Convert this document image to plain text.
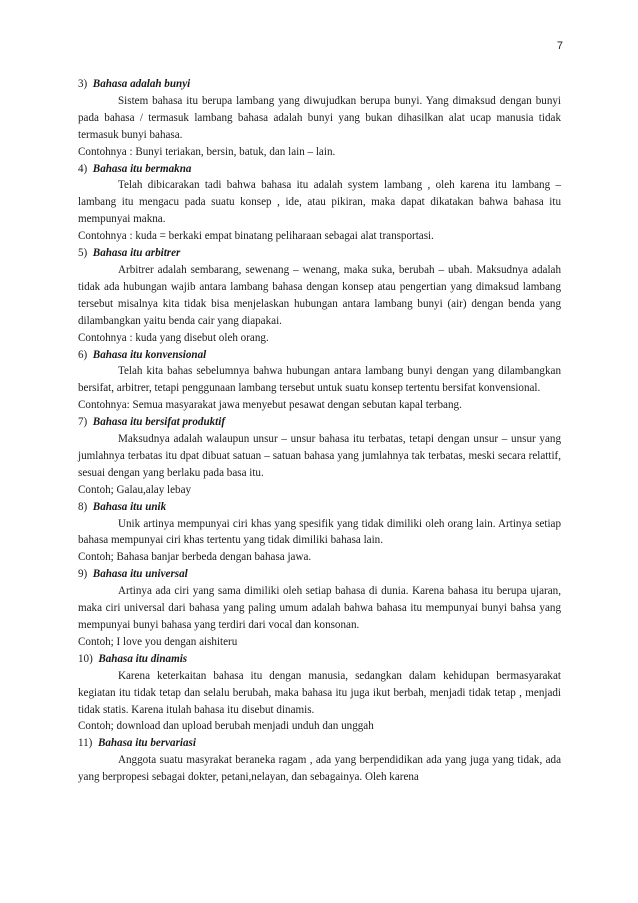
7
3) Bahasa adalah bunyi
Sistem bahasa itu berupa lambang yang diwujudkan berupa bunyi. Yang dimaksud dengan bunyi pada bahasa / termasuk lambang bahasa adalah bunyi yang bukan dihasilkan alat ucap manusia tidak termasuk bunyi bahasa.
Contohnya : Bunyi teriakan, bersin, batuk, dan lain – lain.
4) Bahasa itu bermakna
Telah dibicarakan tadi bahwa bahasa itu adalah system lambang , oleh karena itu lambang – lambang itu mengacu pada suatu konsep , ide, atau pikiran, maka dapat dikatakan bahwa bahasa itu mempunyai makna.
Contohnya : kuda = berkaki empat binatang peliharaan sebagai alat transportasi.
5) Bahasa itu arbitrer
Arbitrer adalah sembarang, sewenang – wenang, maka suka, berubah – ubah. Maksudnya adalah tidak ada hubungan wajib antara lambang bahasa dengan konsep atau pengertian yang dimaksud lambang tersebut misalnya kita tidak bisa menjelaskan hubungan antara lambang bunyi (air) dengan benda yang dilambangkan yaitu benda cair yang diapakai.
Contohnya : kuda yang disebut oleh orang.
6) Bahasa itu konvensional
Telah kita bahas sebelumnya bahwa hubungan antara lambang bunyi dengan yang dilambangkan bersifat, arbitrer, tetapi penggunaan lambang tersebut untuk suatu konsep tertentu bersifat konvensional.
Contohnya: Semua masyarakat jawa menyebut pesawat dengan sebutan kapal terbang.
7) Bahasa itu bersifat produktif
Maksudnya adalah walaupun unsur – unsur bahasa itu terbatas, tetapi dengan unsur – unsur yang jumlahnya terbatas itu dpat dibuat satuan – satuan bahasa yang jumlahnya tak terbatas, meski secara relattif, sesuai dengan yang berlaku pada basa itu.
Contoh; Galau,alay lebay
8) Bahasa itu unik
Unik artinya mempunyai ciri khas yang spesifik yang tidak dimiliki oleh orang lain. Artinya setiap bahasa mempunyai ciri khas tertentu yang tidak dimiliki bahasa lain.
Contoh; Bahasa banjar berbeda dengan bahasa jawa.
9) Bahasa itu universal
Artinya ada ciri yang sama dimiliki oleh setiap bahasa di dunia. Karena bahasa itu berupa ujaran, maka ciri universal dari bahasa yang paling umum adalah bahwa bahasa itu mempunyai bunyi bahsa yang mempunyai bunyi bahasa yang terdiri dari vocal dan konsonan.
Contoh; I love you dengan aishiteru
10) Bahasa itu dinamis
Karena keterkaitan bahasa itu dengan manusia, sedangkan dalam kehidupan bermasyarakat kegiatan itu tidak tetap dan selalu berubah, maka bahasa itu juga ikut berbah, menjadi tidak tetap , menjadi tidak statis. Karena itulah bahasa itu disebut dinamis.
Contoh; download dan upload berubah menjadi unduh dan unggah
11) Bahasa itu bervariasi
Anggota suatu masyrakat beraneka ragam , ada yang berpendidikan ada yang juga yang tidak, ada yang berpropesi sebagai dokter, petani,nelayan, dan sebagainya. Oleh karena
